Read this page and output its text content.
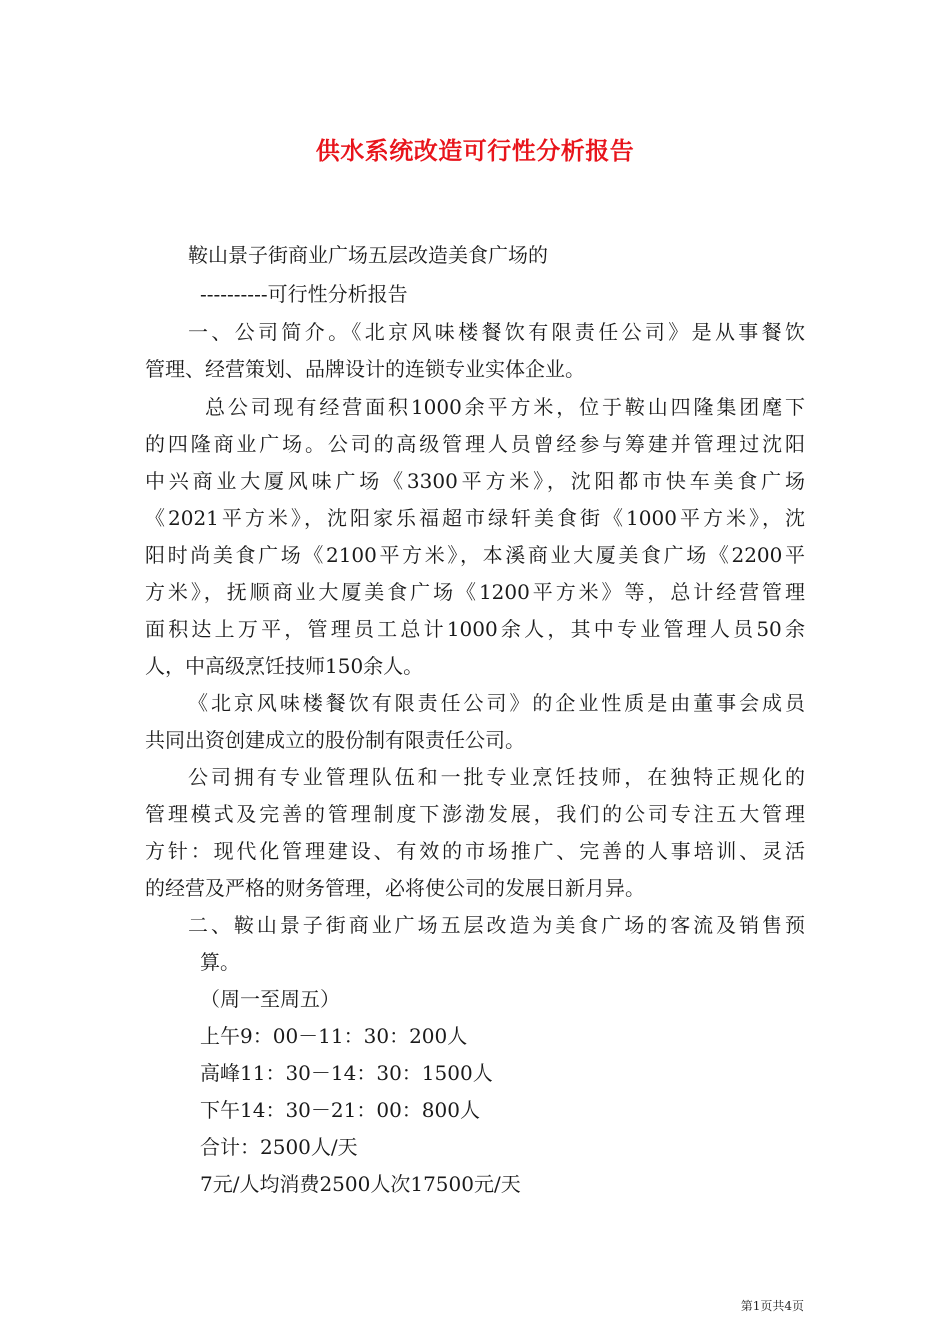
供水系统改造可行性分析报告
鞍山景子街商业广场五层改造美食广场的
----------可行性分析报告
一、公司简介。《北京风味楼餐饮有限责任公司》是从事餐饮
管理、经营策划、品牌设计的连锁专业实体企业。
总公司现有经营面积1000余平方米，位于鞍山四隆集团麾下
的四隆商业广场。公司的高级管理人员曾经参与筹建并管理过沈阳
中兴商业大厦风味广场《3300平方米》，沈阳都市快车美食广场
《2021平方米》，沈阳家乐福超市绿轩美食街《1000平方米》，沈
阳时尚美食广场《2100平方米》，本溪商业大厦美食广场《2200平
方米》，抚顺商业大厦美食广场《1200平方米》等，总计经营管理
面积达上万平，管理员工总计1000余人，其中专业管理人员50余
人，中高级烹饪技师150余人。
《北京风味楼餐饮有限责任公司》的企业性质是由董事会成员
共同出资创建成立的股份制有限责任公司。
公司拥有专业管理队伍和一批专业烹饪技师，在独特正规化的
管理模式及完善的管理制度下澎渤发展，我们的公司专注五大管理
方针：现代化管理建设、有效的市场推广、完善的人事培训、灵活
的经营及严格的财务管理，必将使公司的发展日新月异。
二、鞍山景子街商业广场五层改造为美食广场的客流及销售预
算。
（周一至周五）
上午9：00－11：30：200人
高峰11：30－14：30：1500人
下午14：30－21：00：800人
合计：2500人/天
7元/人均消费2500人次17500元/天
第1页共4页
